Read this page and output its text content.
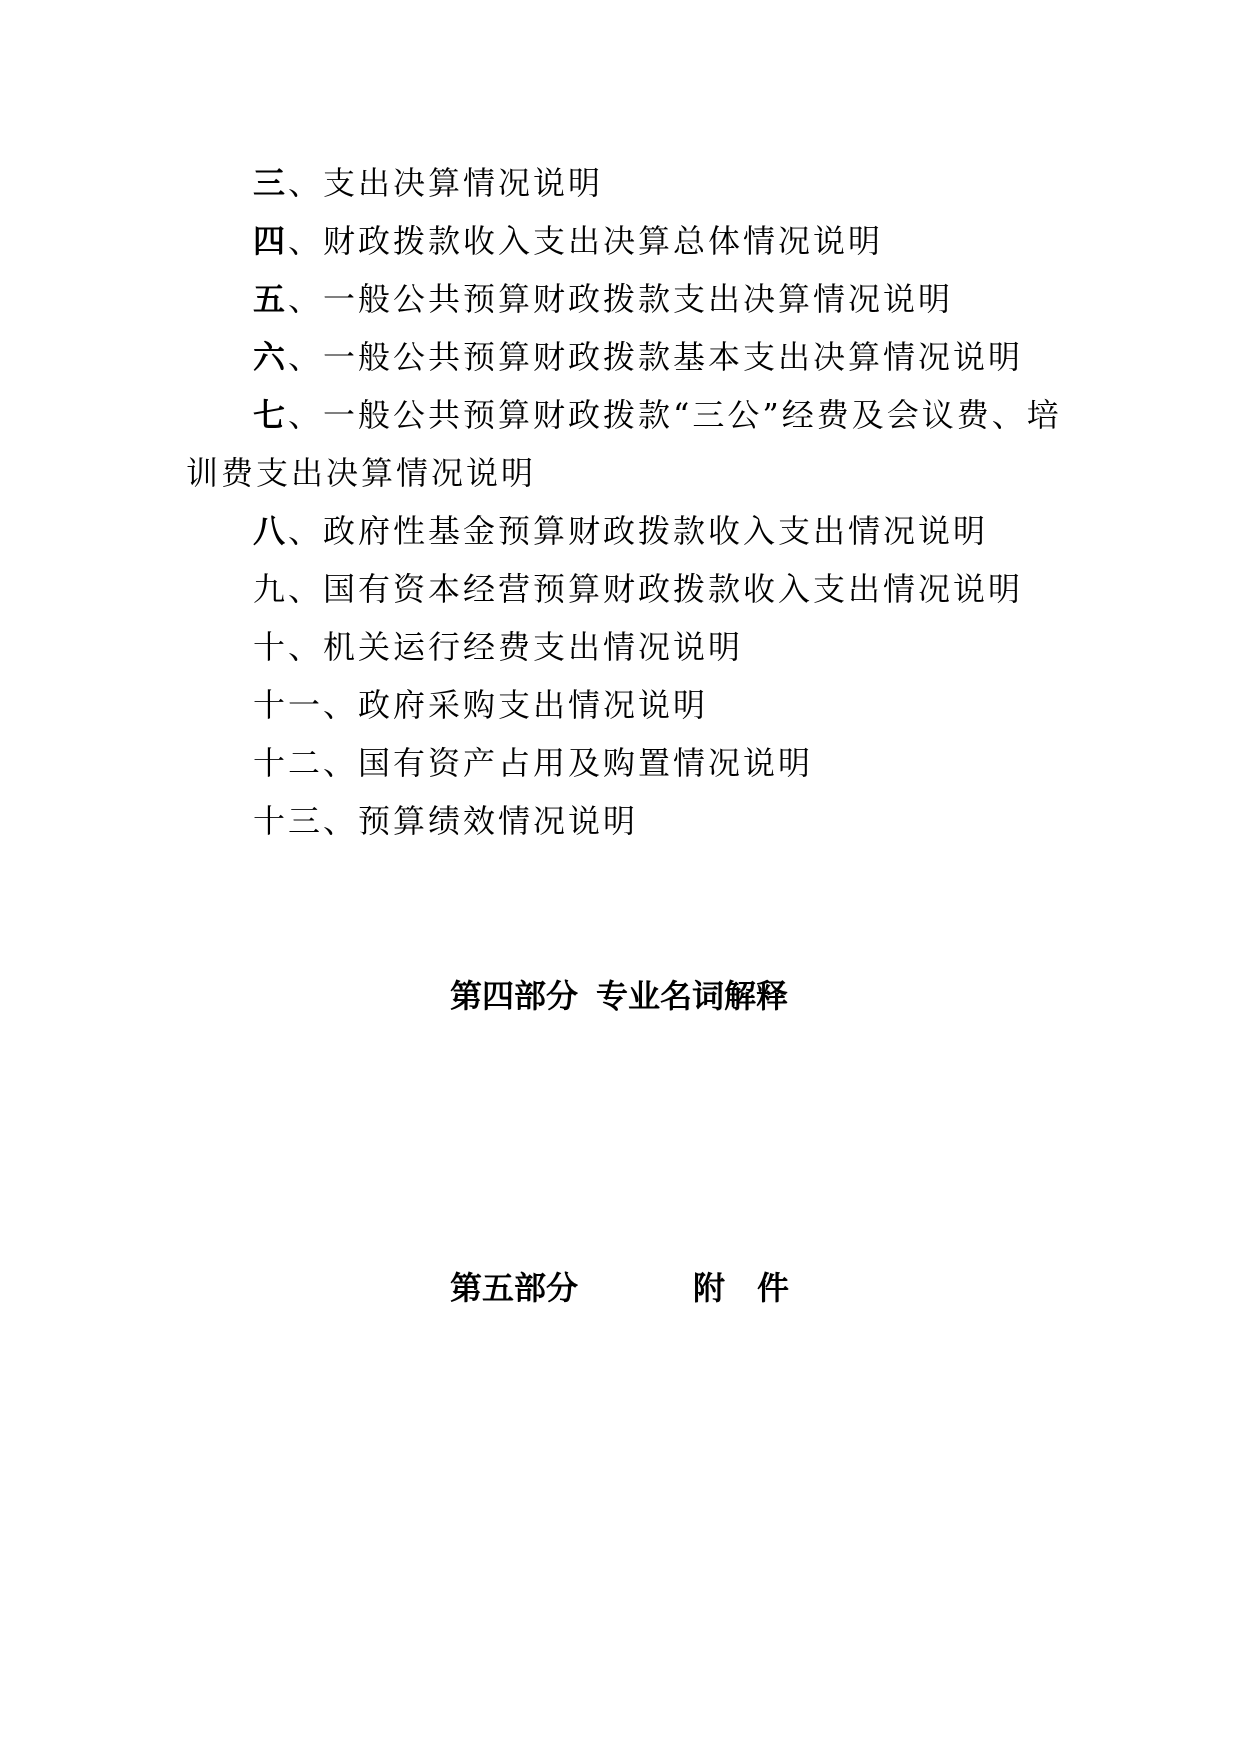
三、支出决算情况说明
四、财政拨款收入支出决算总体情况说明
五、一般公共预算财政拨款支出决算情况说明
六、一般公共预算财政拨款基本支出决算情况说明
七、一般公共预算财政拨款“三公”经费及会议费、培
训费支出决算情况说明
八、政府性基金预算财政拨款收入支出情况说明
九、国有资本经营预算财政拨款收入支出情况说明
十、机关运行经费支出情况说明
十一、政府采购支出情况说明
十二、国有资产占用及购置情况说明
十三、预算绩效情况说明
第四部分 专业名词解释
第五部分	附 件
